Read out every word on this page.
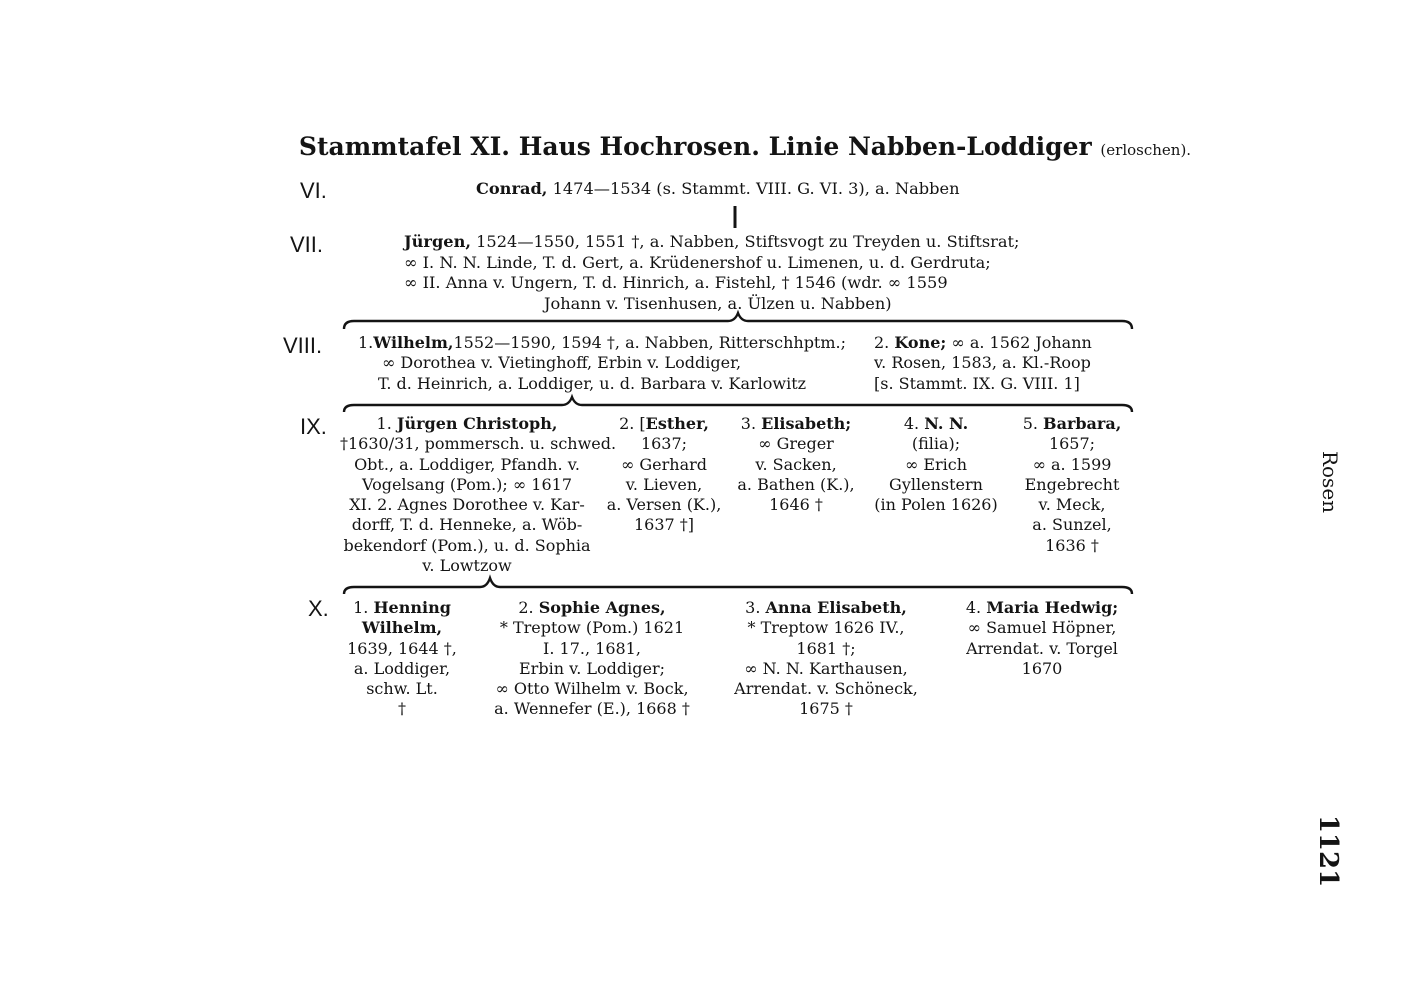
Stammtafel XI. Haus Hochrosen. Linie Nabben-Loddiger (erloschen).
VI.
VII.
VIII.
IX.
X.
Conrad, 1474—1534 (s. Stammt. VIII. G. VI. 3), a. Nabben
Jürgen, 1524—1550, 1551 †, a. Nabben, Stiftsvogt zu Treyden u. Stiftsrat;
∞ I. N. N. Linde, T. d. Gert, a. Krüdenershof u. Limenen, u. d. Gerdruta;
∞ II. Anna v. Ungern, T. d. Hinrich, a. Fistehl, † 1546 (wdr. ∞ 1559
Johann v. Tisenhusen, a. Ülzen u. Nabben)
1.Wilhelm,1552—1590, 1594 †, a. Nabben, Ritterschhptm.;
∞ Dorothea v. Vietinghoff, Erbin v. Loddiger,
T. d. Heinrich, a. Loddiger, u. d. Barbara v. Karlowitz
2. Kone; ∞ a. 1562 Johann
v. Rosen, 1583, a. Kl.-Roop
[s. Stammt. IX. G. VIII. 1]
1. Jürgen Christoph,
†1630/31, pommersch. u. schwed.
Obt., a. Loddiger, Pfandh. v.
Vogelsang (Pom.); ∞ 1617
XI. 2. Agnes Dorothee v. Kar-
dorff, T. d. Henneke, a. Wöb-
bekendorf (Pom.), u. d. Sophia
v. Lowtzow
2. [Esther,
1637;
∞ Gerhard
v. Lieven,
a. Versen (K.),
1637 †]
3. Elisabeth;
∞ Greger
v. Sacken,
a. Bathen (K.),
1646 †
4. N. N.
(filia);
∞ Erich
Gyllenstern
(in Polen 1626)
5. Barbara,
1657;
∞ a. 1599
Engebrecht
v. Meck,
a. Sunzel,
1636 †
1. Henning
Wilhelm,
1639, 1644 †,
a. Loddiger,
schw. Lt.
†
2. Sophie Agnes,
* Treptow (Pom.) 1621
I. 17., 1681,
Erbin v. Loddiger;
∞ Otto Wilhelm v. Bock,
a. Wennefer (E.), 1668 †
3. Anna Elisabeth,
* Treptow 1626 IV.,
1681 †;
∞ N. N. Karthausen,
Arrendat. v. Schöneck,
1675 †
4. Maria Hedwig;
∞ Samuel Höpner,
Arrendat. v. Torgel
1670
Rosen
1121
